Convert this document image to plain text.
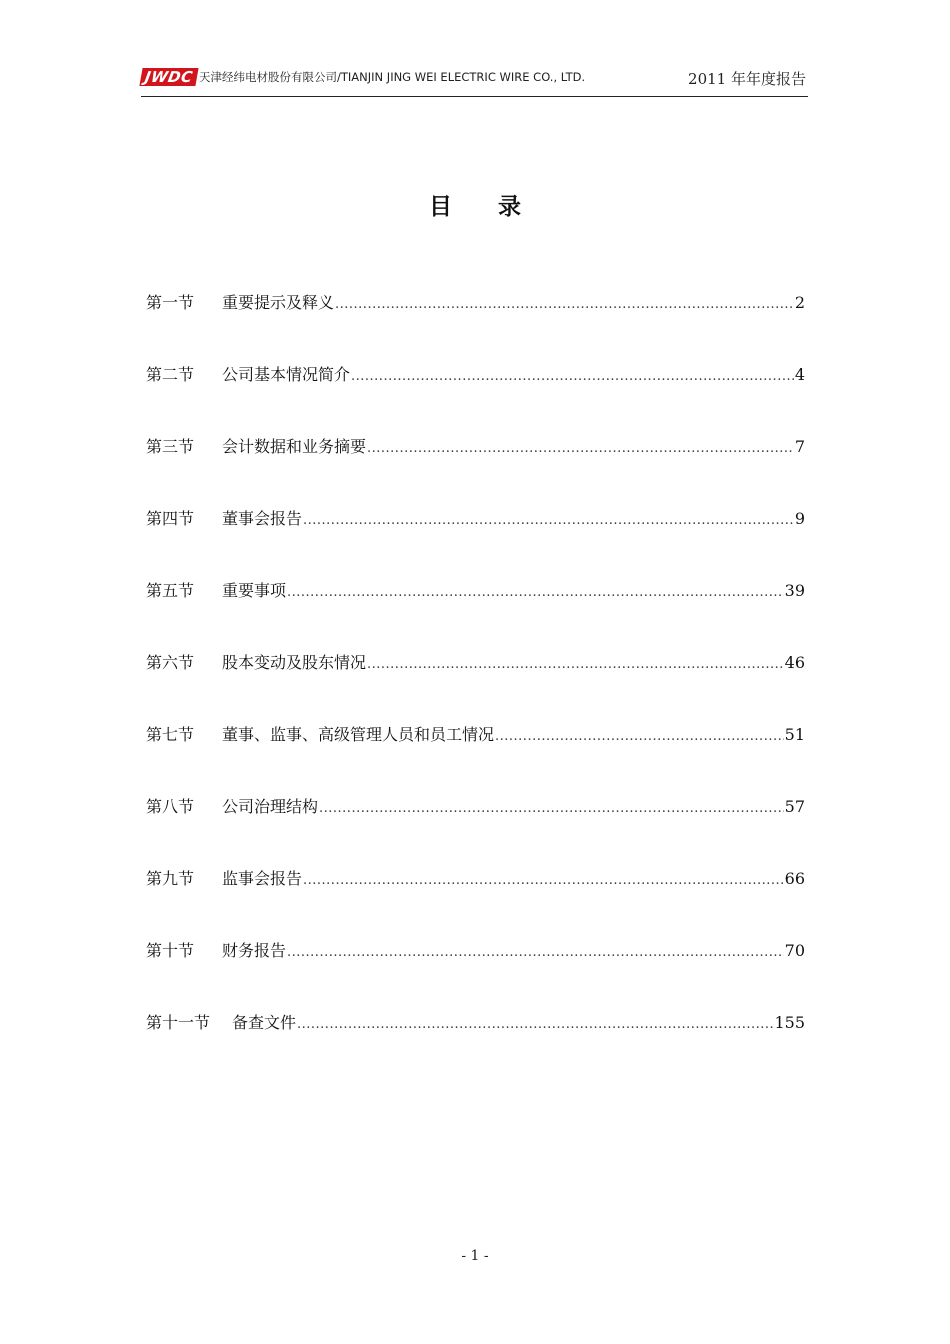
JWDC 天津经纬电材股份有限公司/TIANJIN JING WEI ELECTRIC WIRE CO., LTD.	2011 年年度报告
目录
第一节	重要提示及释义 .....	2
第二节	公司基本情况简介 .....	4
第三节	会计数据和业务摘要 .....	7
第四节	董事会报告 .....	9
第五节	重要事项 .....	39
第六节	股本变动及股东情况 .....	46
第七节	董事、监事、高级管理人员和员工情况 .....	51
第八节	公司治理结构 .....	57
第九节	监事会报告 .....	66
第十节	财务报告 .....	70
第十一节	备查文件 .....	155
- 1 -
